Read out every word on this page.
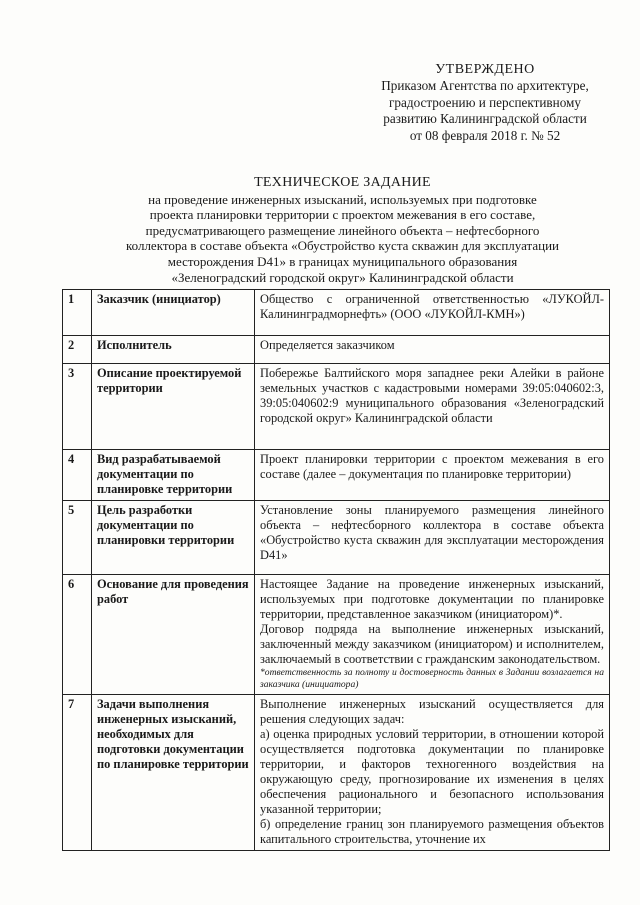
УТВЕРЖДЕНО
Приказом Агентства по архитектуре,
градостроению и перспективному
развитию Калининградской области
от 08 февраля 2018 г. № 52
ТЕХНИЧЕСКОЕ ЗАДАНИЕ
на проведение инженерных изысканий, используемых при подготовке
проекта планировки территории с проектом межевания в его составе,
предусматривающего размещение линейного объекта – нефтесборного
коллектора в составе объекта «Обустройство куста скважин для эксплуатации
месторождения D41» в границах муниципального образования
«Зеленоградский городской округ» Калининградской области
1	Заказчик (инициатор)	Общество с ограниченной ответственностью «ЛУКОЙЛ-Калининградморнефть» (ООО «ЛУКОЙЛ-КМН»)
2	Исполнитель	Определяется заказчиком
3	Описание проектируемой территории	Побережье Балтийского моря западнее реки Алейки в районе земельных участков с кадастровыми номерами 39:05:040602:3, 39:05:040602:9 муниципального образования «Зеленоградский городской округ» Калининградской области
4	Вид разрабатываемой документации по планировке территории	Проект планировки территории с проектом межевания в его составе (далее – документация по планировке территории)
5	Цель разработки документации по планировки территории	Установление зоны планируемого размещения линейного объекта – нефтесборного коллектора в составе объекта «Обустройство куста скважин для эксплуатации месторождения D41»
6	Основание для проведения работ	Настоящее Задание на проведение инженерных изысканий, используемых при подготовке документации по планировке территории, представленное заказчиком (инициатором)*.
Договор подряда на выполнение инженерных изысканий, заключенный между заказчиком (инициатором) и исполнителем, заключаемый в соответствии с гражданским законодательством.
*ответственность за полноту и достоверность данных в Задании возлагается на заказчика (инициатора)

7	Задачи выполнения инженерных изысканий, необходимых для подготовки документации по планировке территории	Выполнение инженерных изысканий осуществляется для решения следующих задач:
а) оценка природных условий территории, в отношении которой осуществляется подготовка документации по планировке территории, и факторов техногенного воздействия на окружающую среду, прогнозирование их изменения в целях обеспечения рационального и безопасного использования указанной территории;
б) определение границ зон планируемого размещения объектов капитального строительства, уточнение их
